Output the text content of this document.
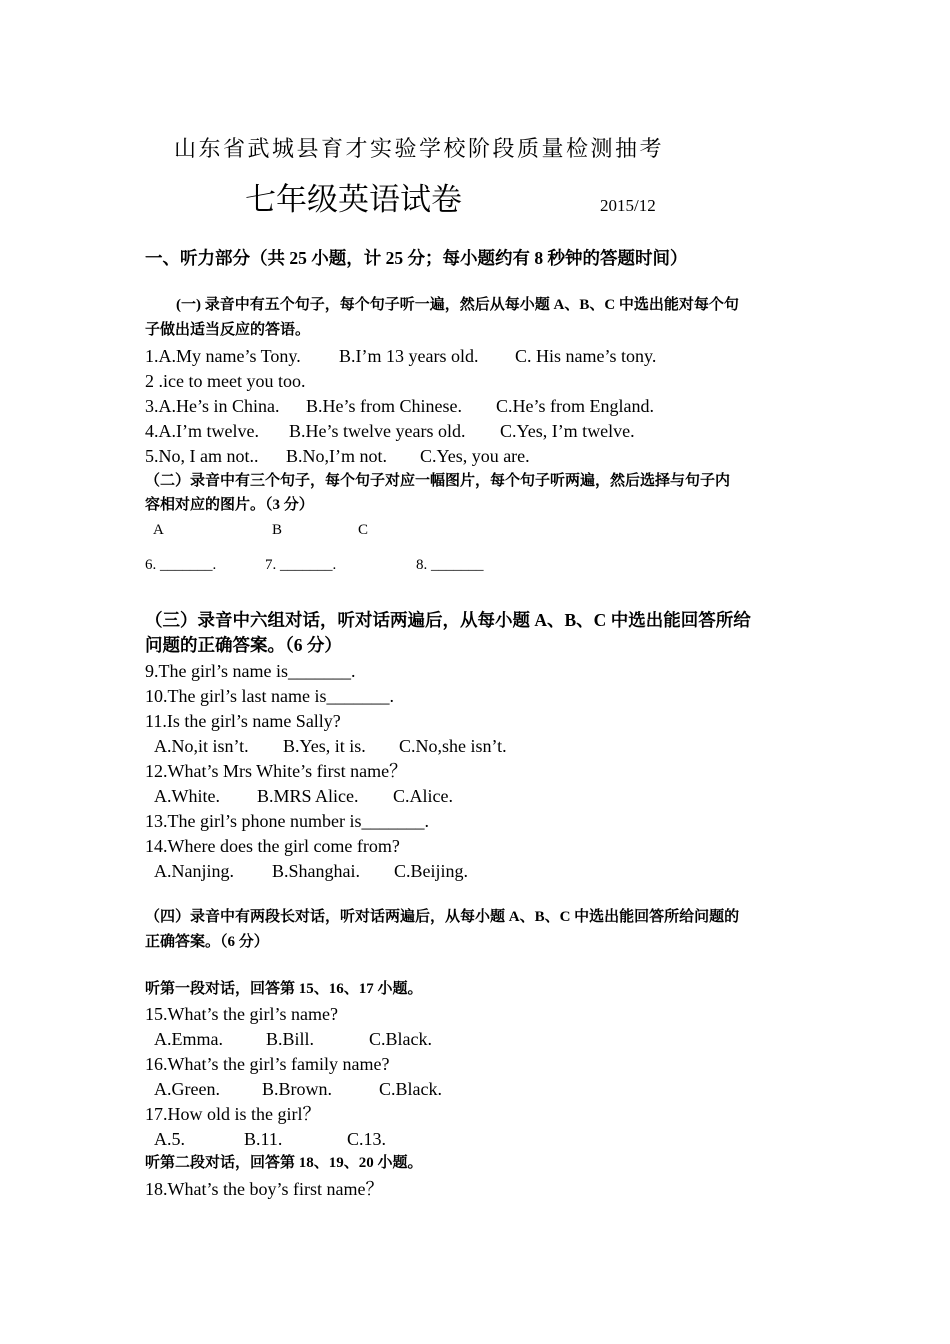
山东省武城县育才实验学校阶段质量检测抽考
七年级英语试卷	2015/12
一、听力部分（共 25 小题，计 25 分；每小题约有 8 秒钟的答题时间）
(一) 录音中有五个句子，每个句子听一遍，然后从每小题 A、B、C 中选出能对每个句
子做出适当反应的答语。
1.A.My name’s Tony. B.I’m 13 years old. C. His name’s tony.
2 .ice to meet you too.
3.A.He’s in China. B.He’s from Chinese. C.He’s from England.
4.A.I’m twelve. B.He’s twelve years old. C.Yes, I’m twelve.
5.No, I am not.. B.No,I’m not. C.Yes, you are.
（二）录音中有三个句子，每个句子对应一幅图片，每个句子听两遍，然后选择与句子内
容相对应的图片。（3 分）
A	B	C
6. _______.	7. _______.	8. _______
（三）录音中六组对话，听对话两遍后，从每小题 A、B、C 中选出能回答所给
问题的正确答案。（6 分）
9.The girl’s name is_______.
10.The girl’s last name is_______.
11.Is the girl’s name Sally?
A.No,it isn’t. B.Yes, it is. C.No,she isn’t.
12.What’s Mrs White’s first name？
A.White. B.MRS Alice. C.Alice.
13.The girl’s phone number is_______.
14.Where does the girl come from?
A.Nanjing. B.Shanghai. C.Beijing.
（四）录音中有两段长对话，听对话两遍后，从每小题 A、B、C 中选出能回答所给问题的
正确答案。（6 分）
听第一段对话，回答第 15、16、17 小题。
15.What’s the girl’s name?
A.Emma. B.Bill.	C.Black.
16.What’s the girl’s family name?
A.Green. B.Brown.	C.Black.
17.How old is the girl？
A.5.	B.11.	C.13.
听第二段对话，回答第 18、19、20 小题。
18.What’s the boy’s first name？
